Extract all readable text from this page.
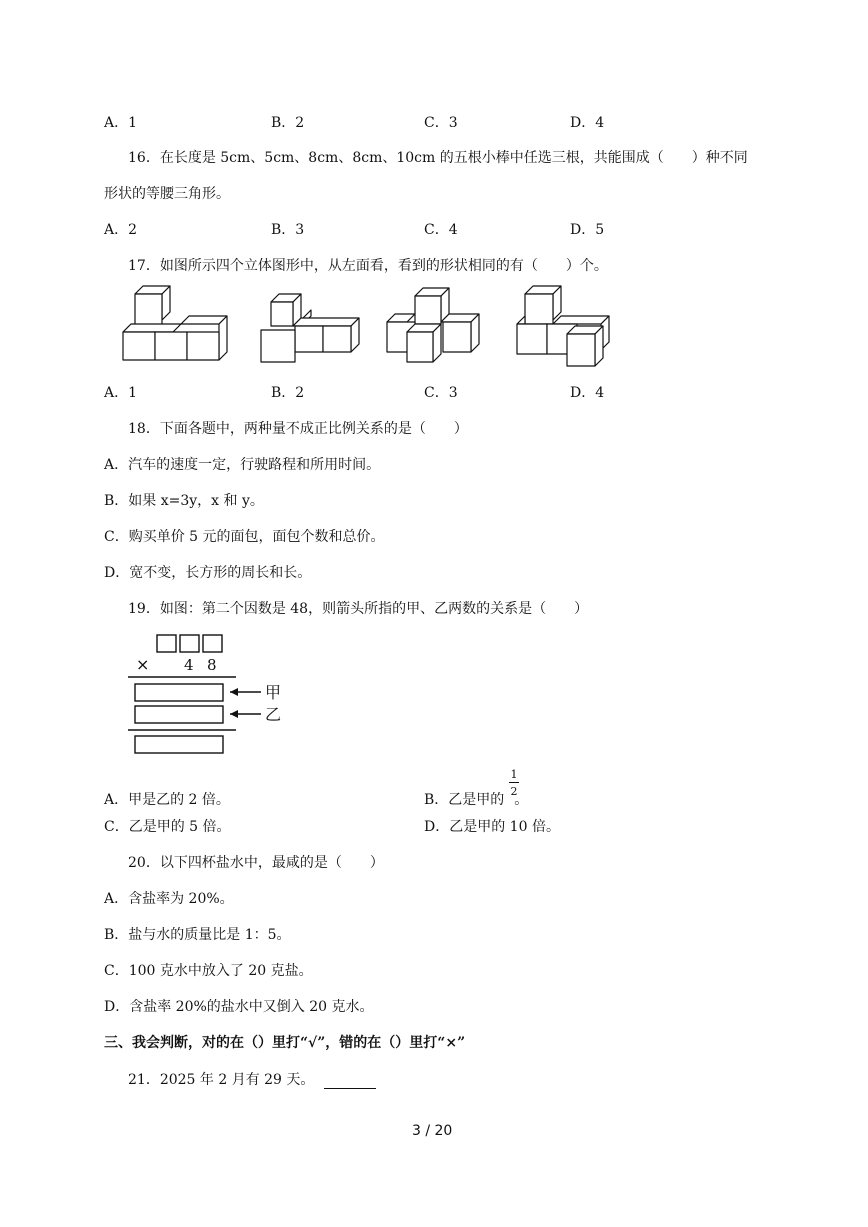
A．1	B．2	C．3	D．4
16．在长度是 5cm、5cm、8cm、8cm、10cm 的五根小棒中任选三根，共能围成（　　）种不同
形状的等腰三角形。
A．2	B．3	C．4	D．5
17．如图所示四个立体图形中，从左面看，看到的形状相同的有（　　）个。
A．1	B．2	C．3	D．4
18．下面各题中，两种量不成正比例关系的是（　　）
A．汽车的速度一定，行驶路程和所用时间。
B．如果 x=3y，x 和 y。
C．购买单价 5 元的面包，面包个数和总价。
D．宽不变，长方形的周长和长。
19．如图：第二个因数是 48，则箭头所指的甲、乙两数的关系是（　　）
× 4 8
甲
乙
A．甲是乙的 2 倍。	B．乙是甲的 。
1
2
C．乙是甲的 5 倍。	D．乙是甲的 10 倍。
20．以下四杯盐水中，最咸的是（　　）
A．含盐率为 20%。
B．盐与水的质量比是 1：5。
C．100 克水中放入了 20 克盐。
D．含盐率 20%的盐水中又倒入 20 克水。
三、我会判断，对的在（）里打“√”，错的在（）里打“×”
21．2025 年 2 月有 29 天。
3 / 20
